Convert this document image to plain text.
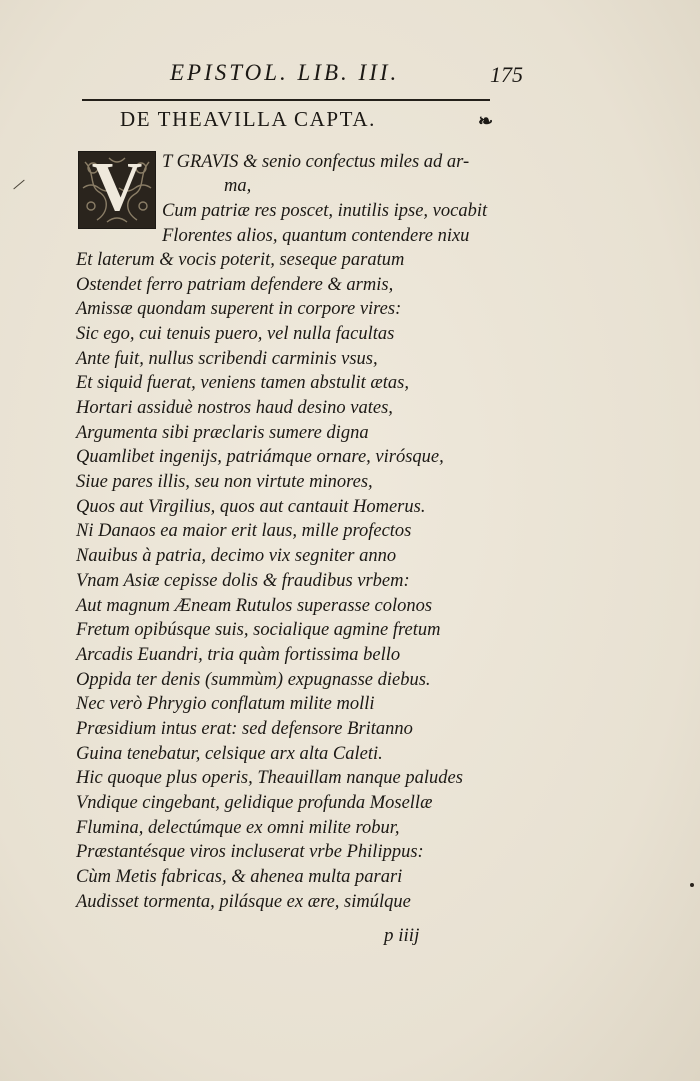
EPISTOL. LIB. III.	175
DE THEAVILLA CAPTA.	❧
V	T GRAVIS & senio confectus miles ad ar-
ma,
Cum patriæ res poscet, inutilis ipse, vocabit
Florentes alios, quantum contendere nixu
Et laterum & vocis poterit, seseque paratum
Ostendet ferro patriam defendere & armis,
Amissæ quondam superent in corpore vires:
Sic ego, cui tenuis puero, vel nulla facultas
Ante fuit, nullus scribendi carminis vsus,
Et siquid fuerat, veniens tamen abstulit ætas,
Hortari assiduè nostros haud desino vates,
Argumenta sibi præclaris sumere digna
Quamlibet ingenijs, patriámque ornare, virósque,
Siue pares illis, seu non virtute minores,
Quos aut Virgilius, quos aut cantauit Homerus.
Ni Danaos ea maior erit laus, mille profectos
Nauibus à patria, decimo vix segniter anno
Vnam Asiæ cepisse dolis & fraudibus vrbem:
Aut magnum Æneam Rutulos superasse colonos
Fretum opibúsque suis, socialique agmine fretum
Arcadis Euandri, tria quàm fortissima bello
Oppida ter denis (summùm) expugnasse diebus.
Nec verò Phrygio conflatum milite molli
Præsidium intus erat: sed defensore Britanno
Guina tenebatur, celsique arx alta Caleti.
Hic quoque plus operis, Theauillam nanque paludes
Vndique cingebant, gelidique profunda Mosellæ
Flumina, delectúmque ex omni milite robur,
Præstantésque viros incluserat vrbe Philippus:
Cùm Metis fabricas, & ahenea multa parari
Audisset tormenta, pilásque ex ære, simúlque
p iiij
